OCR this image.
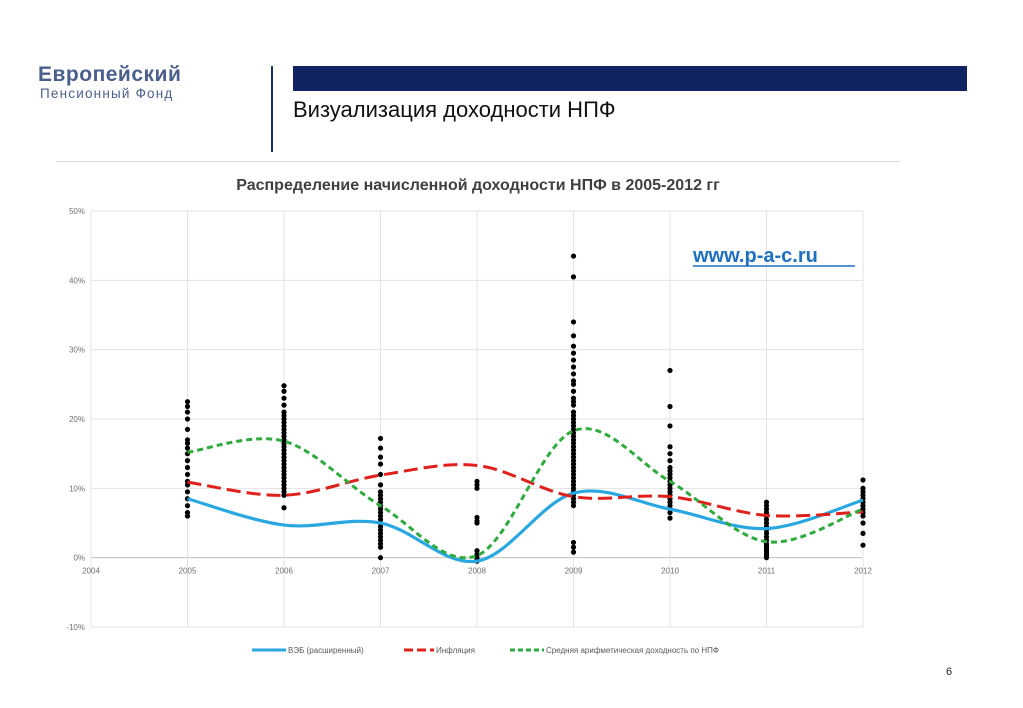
Европейский
Пенсионный Фонд
Визуализация доходности НПФ
Распределение начисленной доходности НПФ в 2005-2012 гг
-10%
0%
10%
20%
30%
40%
50%
2004	2005	2006	2007	2008	2009	2010	2011	2012
www.p-a-c.ru
ВЭБ (расширенный)	Инфляция	Средняя арифметическая доходность по НПФ
6
